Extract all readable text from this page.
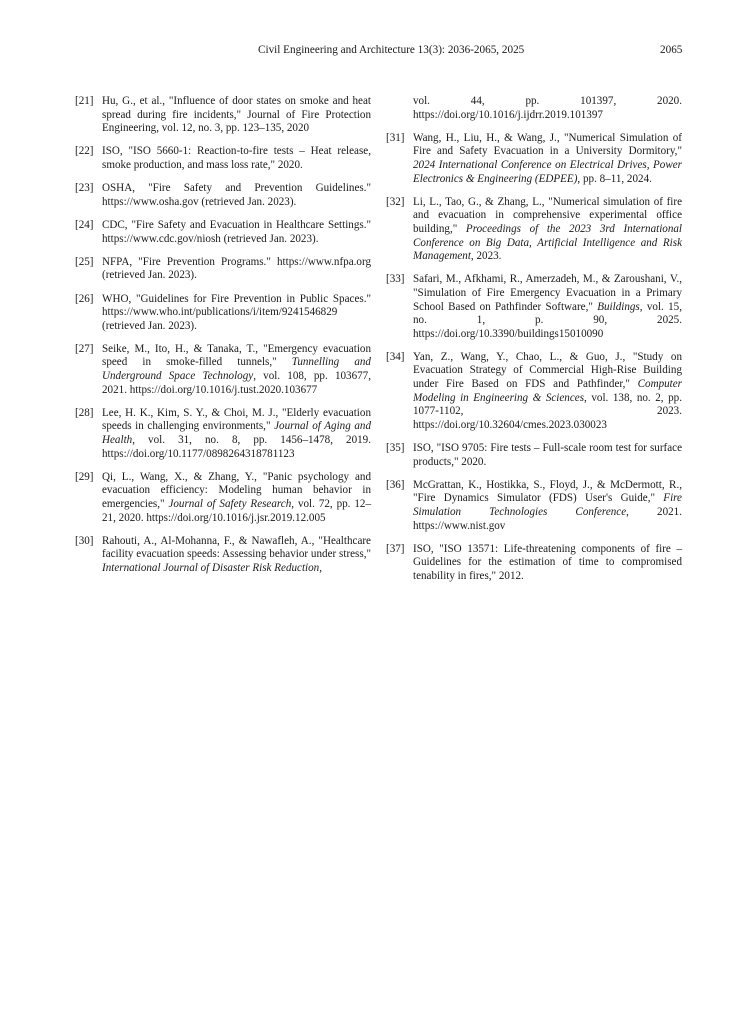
Civil Engineering and Architecture 13(3): 2036-2065, 2025	2065
[21] Hu, G., et al., "Influence of door states on smoke and heat spread during fire incidents," Journal of Fire Protection Engineering, vol. 12, no. 3, pp. 123–135, 2020
[22] ISO, "ISO 5660-1: Reaction-to-fire tests – Heat release, smoke production, and mass loss rate," 2020.
[23] OSHA, "Fire Safety and Prevention Guidelines." https://www.osha.gov (retrieved Jan. 2023).
[24] CDC, "Fire Safety and Evacuation in Healthcare Settings." https://www.cdc.gov/niosh (retrieved Jan. 2023).
[25] NFPA, "Fire Prevention Programs." https://www.nfpa.org (retrieved Jan. 2023).
[26] WHO, "Guidelines for Fire Prevention in Public Spaces." https://www.who.int/publications/i/item/9241546829 (retrieved Jan. 2023).
[27] Seike, M., Ito, H., & Tanaka, T., "Emergency evacuation speed in smoke-filled tunnels," Tunnelling and Underground Space Technology, vol. 108, pp. 103677, 2021. https://doi.org/10.1016/j.tust.2020.103677
[28] Lee, H. K., Kim, S. Y., & Choi, M. J., "Elderly evacuation speeds in challenging environments," Journal of Aging and Health, vol. 31, no. 8, pp. 1456–1478, 2019. https://doi.org/10.1177/0898264318781123
[29] Qi, L., Wang, X., & Zhang, Y., "Panic psychology and evacuation efficiency: Modeling human behavior in emergencies," Journal of Safety Research, vol. 72, pp. 12–21, 2020. https://doi.org/10.1016/j.jsr.2019.12.005
[30] Rahouti, A., Al-Mohanna, F., & Nawafleh, A., "Healthcare facility evacuation speeds: Assessing behavior under stress," International Journal of Disaster Risk Reduction,
vol. 44, pp. 101397, 2020. https://doi.org/10.1016/j.ijdrr.2019.101397
[31] Wang, H., Liu, H., & Wang, J., "Numerical Simulation of Fire and Safety Evacuation in a University Dormitory," 2024 International Conference on Electrical Drives, Power Electronics & Engineering (EDPEE), pp. 8–11, 2024.
[32] Li, L., Tao, G., & Zhang, L., "Numerical simulation of fire and evacuation in comprehensive experimental office building," Proceedings of the 2023 3rd International Conference on Big Data, Artificial Intelligence and Risk Management, 2023.
[33] Safari, M., Afkhami, R., Amerzadeh, M., & Zaroushani, V., "Simulation of Fire Emergency Evacuation in a Primary School Based on Pathfinder Software," Buildings, vol. 15, no. 1, p. 90, 2025. https://doi.org/10.3390/buildings15010090
[34] Yan, Z., Wang, Y., Chao, L., & Guo, J., "Study on Evacuation Strategy of Commercial High-Rise Building under Fire Based on FDS and Pathfinder," Computer Modeling in Engineering & Sciences, vol. 138, no. 2, pp. 1077-1102, 2023. https://doi.org/10.32604/cmes.2023.030023
[35] ISO, "ISO 9705: Fire tests – Full-scale room test for surface products," 2020.
[36] McGrattan, K., Hostikka, S., Floyd, J., & McDermott, R., "Fire Dynamics Simulator (FDS) User's Guide," Fire Simulation Technologies Conference, 2021. https://www.nist.gov
[37] ISO, "ISO 13571: Life-threatening components of fire – Guidelines for the estimation of time to compromised tenability in fires," 2012.
